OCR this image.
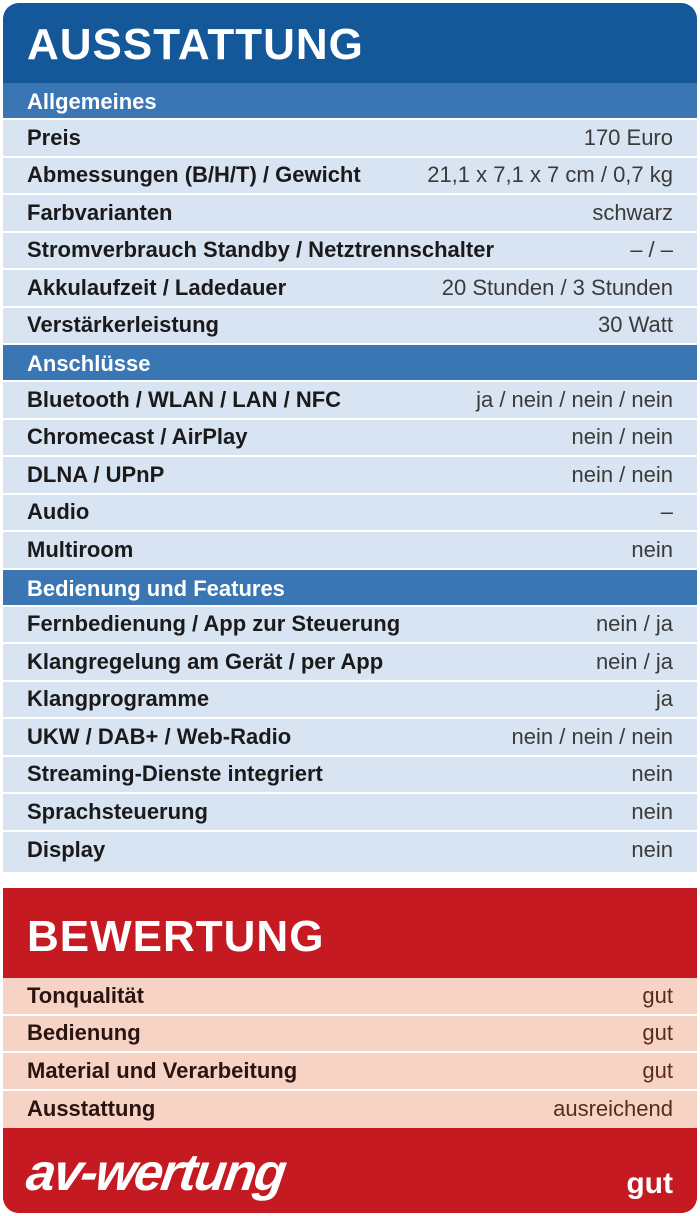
AUSSTATTUNG
Allgemeines
Preis	170 Euro
Abmessungen (B/H/T) / Gewicht	21,1 x 7,1 x 7 cm / 0,7 kg
Farbvarianten	schwarz
Stromverbrauch Standby / Netztrennschalter	– / –
Akkulaufzeit / Ladedauer	20 Stunden / 3 Stunden
Verstärkerleistung	30 Watt
Anschlüsse
Bluetooth / WLAN / LAN / NFC	ja / nein / nein / nein
Chromecast / AirPlay	nein / nein
DLNA / UPnP	nein / nein
Audio	–
Multiroom	nein
Bedienung und Features
Fernbedienung / App zur Steuerung	nein / ja
Klangregelung am Gerät / per App	nein / ja
Klangprogramme	ja
UKW / DAB+ / Web-Radio	nein / nein / nein
Streaming-Dienste integriert	nein
Sprachsteuerung	nein
Display	nein
BEWERTUNG
Tonqualität	gut
Bedienung	gut
Material und Verarbeitung	gut
Ausstattung	ausreichend
av-wertung	gut
